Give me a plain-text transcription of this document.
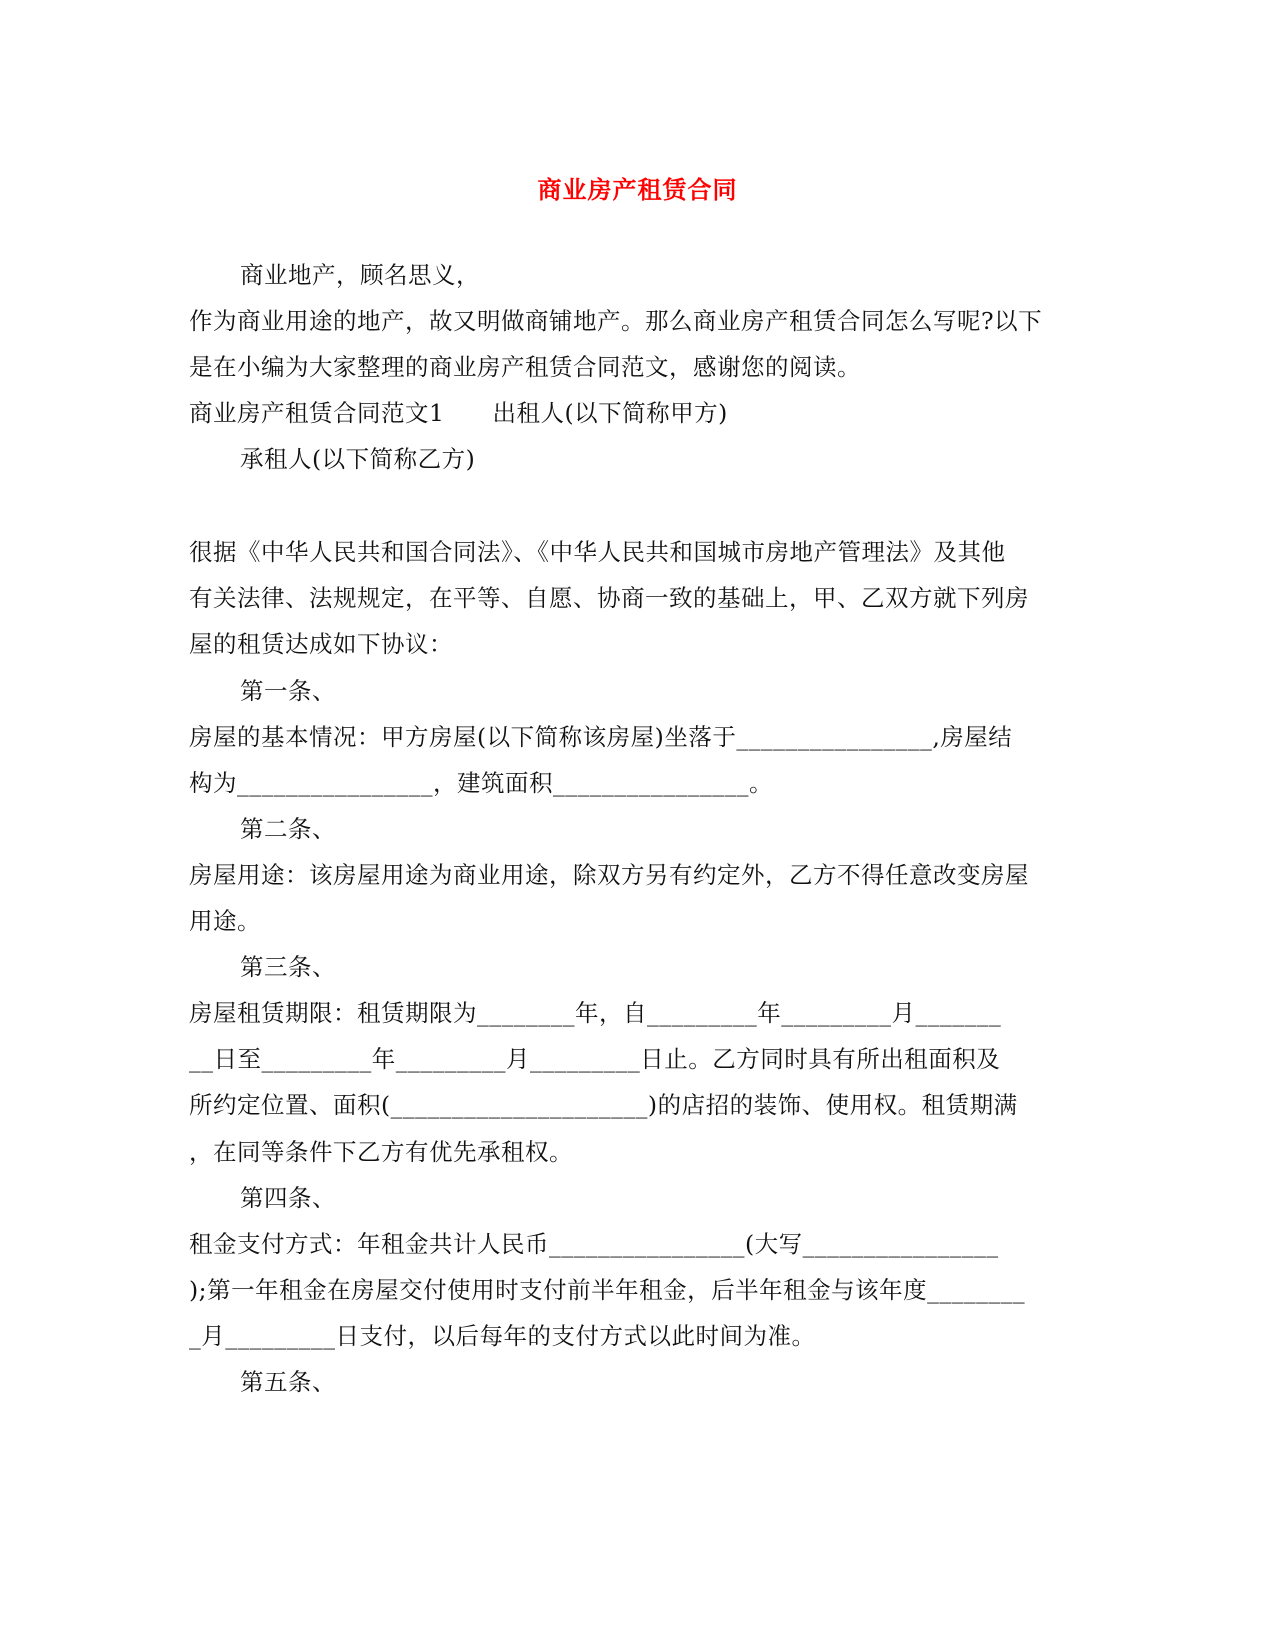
商业房产租赁合同
商业地产，顾名思义，
作为商业用途的地产，故又明做商铺地产。那么商业房产租赁合同怎么写呢?以下
是在小编为大家整理的商业房产租赁合同范文，感谢您的阅读。
商业房产租赁合同范文1　　出租人(以下简称甲方)
承租人(以下简称乙方)
很据《中华人民共和国合同法》、《中华人民共和国城市房地产管理法》及其他
有关法律、法规规定，在平等、自愿、协商一致的基础上，甲、乙双方就下列房
屋的租赁达成如下协议：
第一条、
房屋的基本情况：甲方房屋(以下简称该房屋)坐落于________________,房屋结
构为________________，建筑面积________________。
第二条、
房屋用途：该房屋用途为商业用途，除双方另有约定外，乙方不得任意改变房屋
用途。
第三条、
房屋租赁期限：租赁期限为________年，自_________年_________月_______
__日至_________年_________月_________日止。乙方同时具有所出租面积及
所约定位置、面积(_____________________)的店招的装饰、使用权。租赁期满
，在同等条件下乙方有优先承租权。
第四条、
租金支付方式：年租金共计人民币________________(大写________________
);第一年租金在房屋交付使用时支付前半年租金，后半年租金与该年度________
_月_________日支付，以后每年的支付方式以此时间为准。
第五条、
